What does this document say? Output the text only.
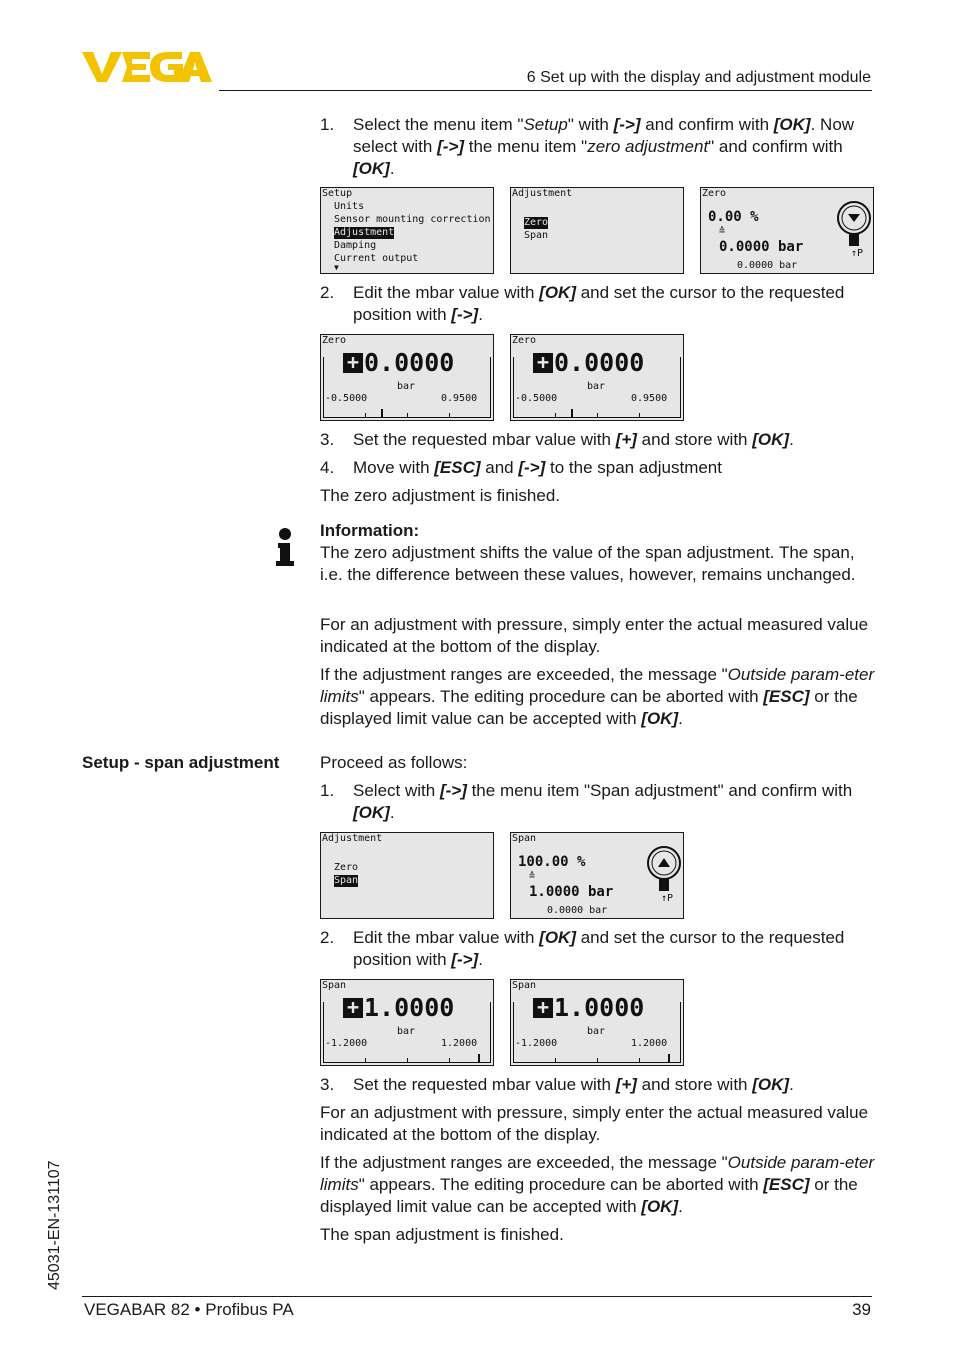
6 Set up with the display and adjustment module
1. Select the menu item "Setup" with [->] and confirm with [OK]. Now select with [->] the menu item "zero adjustment" and confirm with [OK].
Setup
Units
Sensor mounting correction
Adjustment
Damping
Current output
▼
Adjustment
Zero
Span
Zero
0.00 %
≙
0.0000 bar
0.0000 bar
↑P
2. Edit the mbar value with [OK] and set the cursor to the requested position with [->].
Zero
+ 0.0000
bar
-0.5000	0.9500
Zero
+ 0.0000
bar
-0.5000	0.9500
3. Set the requested mbar value with [+] and store with [OK].
4. Move with [ESC] and [->] to the span adjustment
The zero adjustment is finished.
Information:
The zero adjustment shifts the value of the span adjustment. The span, i.e. the difference between these values, however, remains unchanged.
For an adjustment with pressure, simply enter the actual measured value indicated at the bottom of the display.
If the adjustment ranges are exceeded, the message "Outside param-eter limits" appears. The editing procedure can be aborted with [ESC] or the displayed limit value can be accepted with [OK].
Setup - span adjustment Proceed as follows:
1. Select with [->] the menu item "Span adjustment" and confirm with [OK].
Adjustment
Zero
Span
Span
100.00 %
≙
1.0000 bar
0.0000 bar
↑P
2. Edit the mbar value with [OK] and set the cursor to the requested position with [->].
Span
+ 1.0000
bar
-1.2000	1.2000
Span
+ 1.0000
bar
-1.2000	1.2000
3. Set the requested mbar value with [+] and store with [OK].
For an adjustment with pressure, simply enter the actual measured value indicated at the bottom of the display.
If the adjustment ranges are exceeded, the message "Outside param-eter limits" appears. The editing procedure can be aborted with [ESC] or the displayed limit value can be accepted with [OK].
The span adjustment is finished.
45031-EN-131107
VEGABAR 82 • Profibus PA	39
